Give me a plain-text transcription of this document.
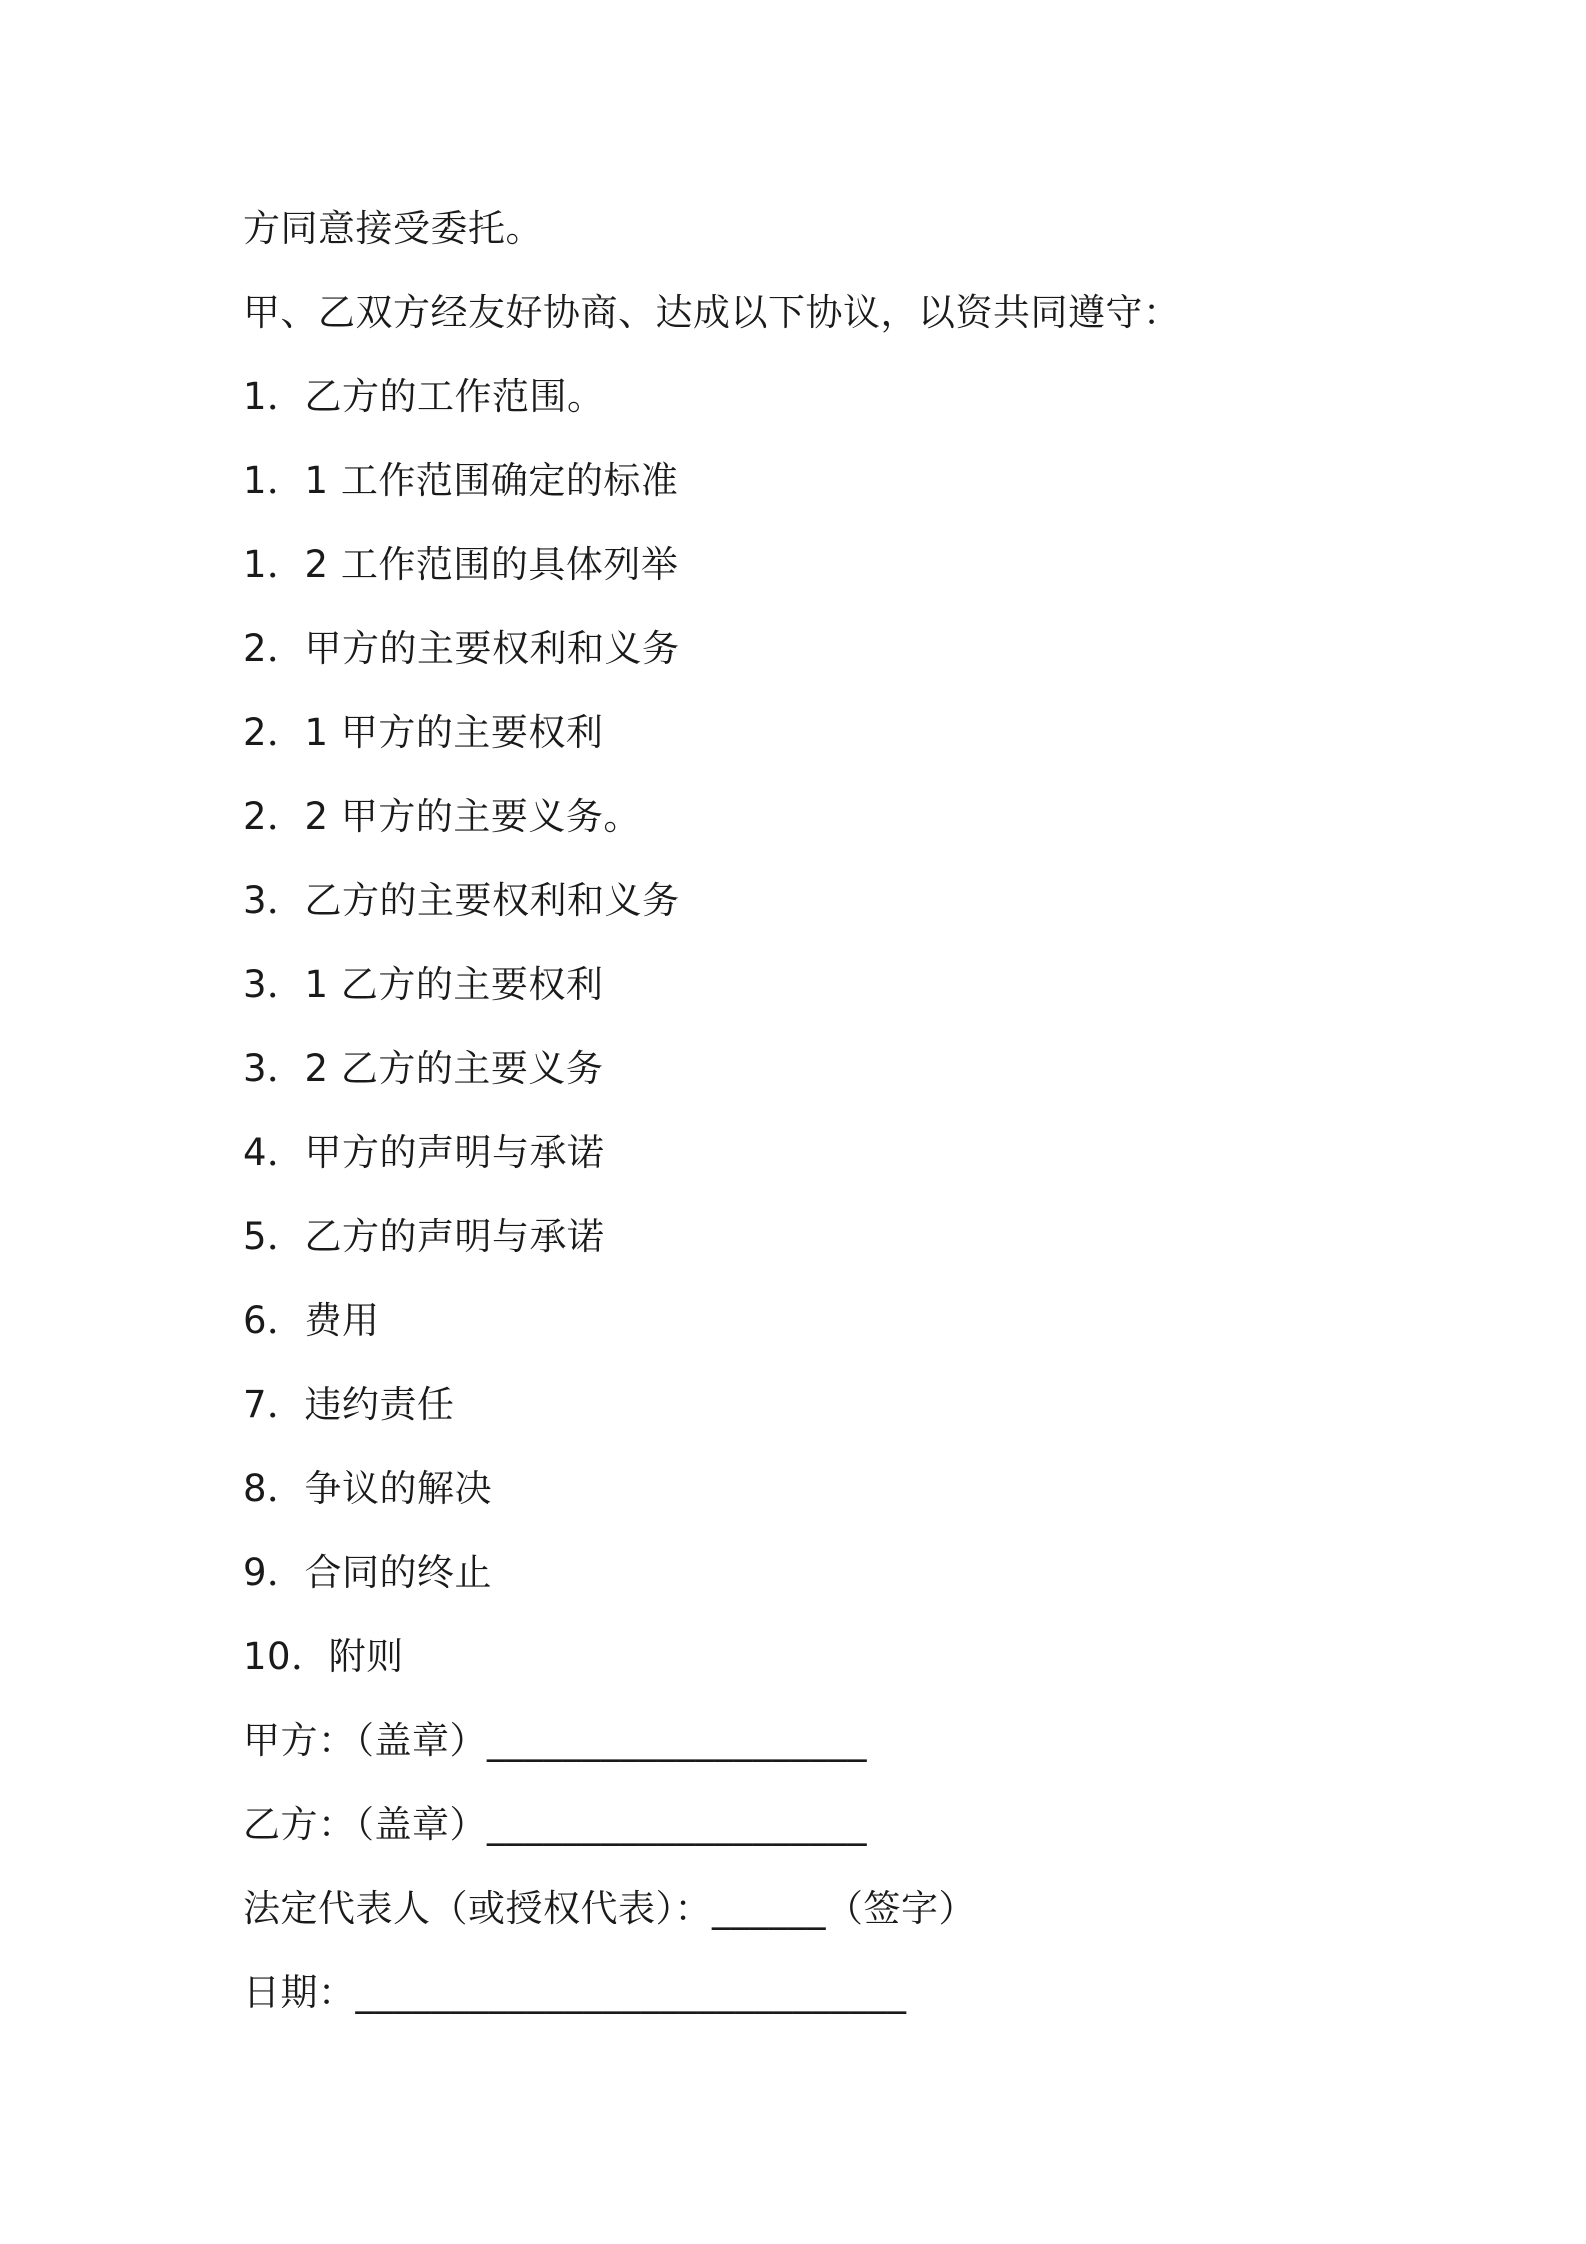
方同意接受委托。
甲、乙双方经友好协商、达成以下协议，以资共同遵守：
1．乙方的工作范围。
1．1 工作范围确定的标准
1．2 工作范围的具体列举
2．甲方的主要权利和义务
2．1 甲方的主要权利
2．2 甲方的主要义务。
3．乙方的主要权利和义务
3．1 乙方的主要权利
3．2 乙方的主要义务
4．甲方的声明与承诺
5．乙方的声明与承诺
6．费用
7．违约责任
8．争议的解决
9．合同的终止
10．附则
甲方：（盖章）____________________
乙方：（盖章）____________________
法定代表人（或授权代表）：______（签字）
日期：_____________________________
